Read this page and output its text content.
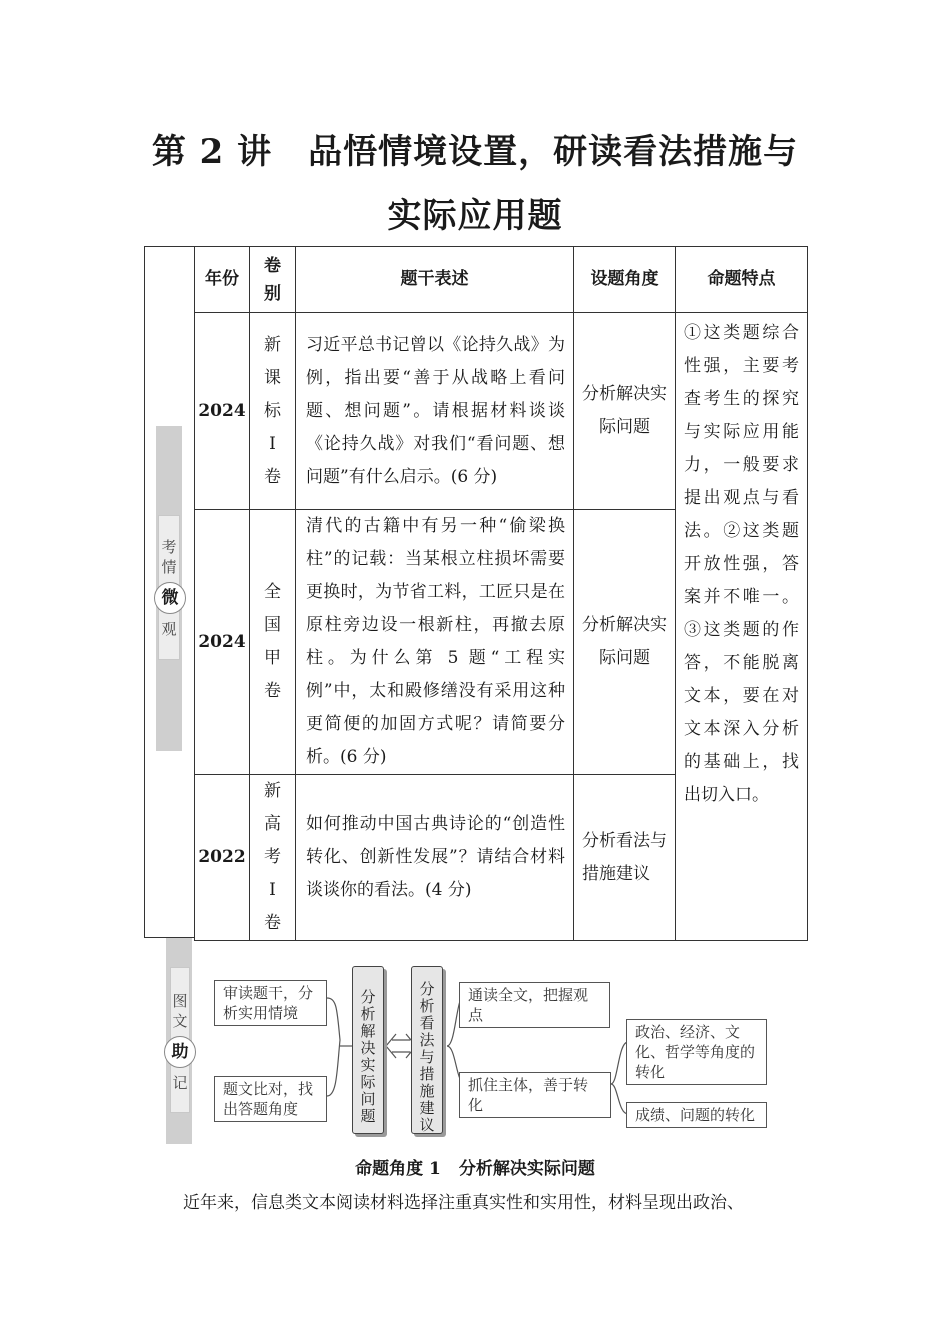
第 2 讲 品悟情境设置，研读看法措施与
实际应用题
考
情
微
观
年份	卷别	题干表述	设题角度	命题特点
2024	新
课
标
Ⅰ
卷	习近平总书记曾以《论持久战》为例，指出要“善于从战略上看问题、想问题”。请根据材料谈谈《论持久战》对我们“看问题、想问题”有什么启示。(6 分)	分析解决实际问题	①这类题综合性强，主要考查考生的探究与实际应用能力，一般要求提出观点与看法。②这类题开放性强，答案并不唯一。③这类题的作答，不能脱离文本，要在对文本深入分析的基础上，找出切入口。
2024	全
国
甲
卷	清代的古籍中有另一种“偷梁换柱”的记载：当某根立柱损坏需要更换时，为节省工料，工匠只是在原柱旁边设一根新柱，再撤去原柱。为什么第 5 题“工程实例”中，太和殿修缮没有采用这种更简便的加固方式呢？请简要分析。(6 分)	分析解决实际问题	
2022	新
高
考
Ⅰ
卷	如何推动中国古典诗论的“创造性转化、创新性发展”？请结合材料谈谈你的看法。(4 分)	分析看法与措施建议	
图
文
助
记
审读题干，分析实用情境
题文比对，找出答题角度
分
析
解
决
实
际
问
题
分
析
看
法
与
措
施
建
议
通读全文，把握观点
抓住主体，善于转化
政治、经济、文化、哲学等角度的转化
成绩、问题的转化
命题角度 1 分析解决实际问题
近年来，信息类文本阅读材料选择注重真实性和实用性，材料呈现出政治、
